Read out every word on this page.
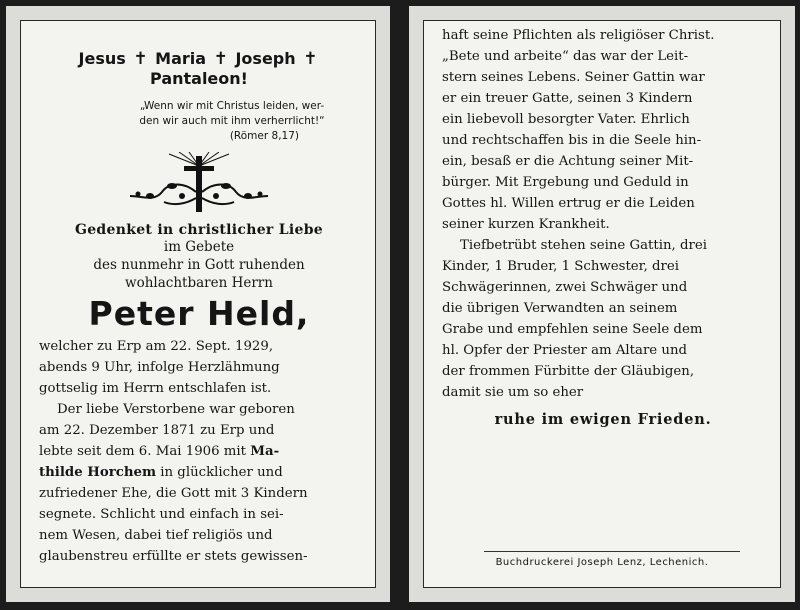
Jesus ✝ Maria ✝ Joseph ✝

Pantaleon!

„Wenn wir mit Christus leiden, wer-
den wir auch mit ihm verherrlicht!“
(Römer 8,17)

Gedenket in christlicher Liebe

im Gebete

des nunmehr in Gott ruhenden

wohlachtbaren Herrn

Peter Held,

welcher zu Erp am 22. Sept. 1929,

abends 9 Uhr, infolge Herzlähmung

gottselig im Herrn entschlafen ist.

Der liebe Verstorbene war geboren

am 22. Dezember 1871 zu Erp und

lebte seit dem 6. Mai 1906 mit Ma-

thilde Horchem in glücklicher und

zufriedener Ehe, die Gott mit 3 Kindern

segnete. Schlicht und einfach in sei-

nem Wesen, dabei tief religiös und

glaubenstreu erfüllte er stets gewissen-

haft seine Pflichten als religiöser Christ.

„Bete und arbeite“ das war der Leit-

stern seines Lebens. Seiner Gattin war

er ein treuer Gatte, seinen 3 Kindern

ein liebevoll besorgter Vater. Ehrlich

und rechtschaffen bis in die Seele hin-

ein, besaß er die Achtung seiner Mit-

bürger. Mit Ergebung und Geduld in

Gottes hl. Willen ertrug er die Leiden

seiner kurzen Krankheit.

Tiefbetrübt stehen seine Gattin, drei

Kinder, 1 Bruder, 1 Schwester, drei

Schwägerinnen, zwei Schwäger und

die übrigen Verwandten an seinem

Grabe und empfehlen seine Seele dem

hl. Opfer der Priester am Altare und

der frommen Fürbitte der Gläubigen,

damit sie um so eher

ruhe im ewigen Frieden.

Buchdruckerei Joseph Lenz, Lechenich.
